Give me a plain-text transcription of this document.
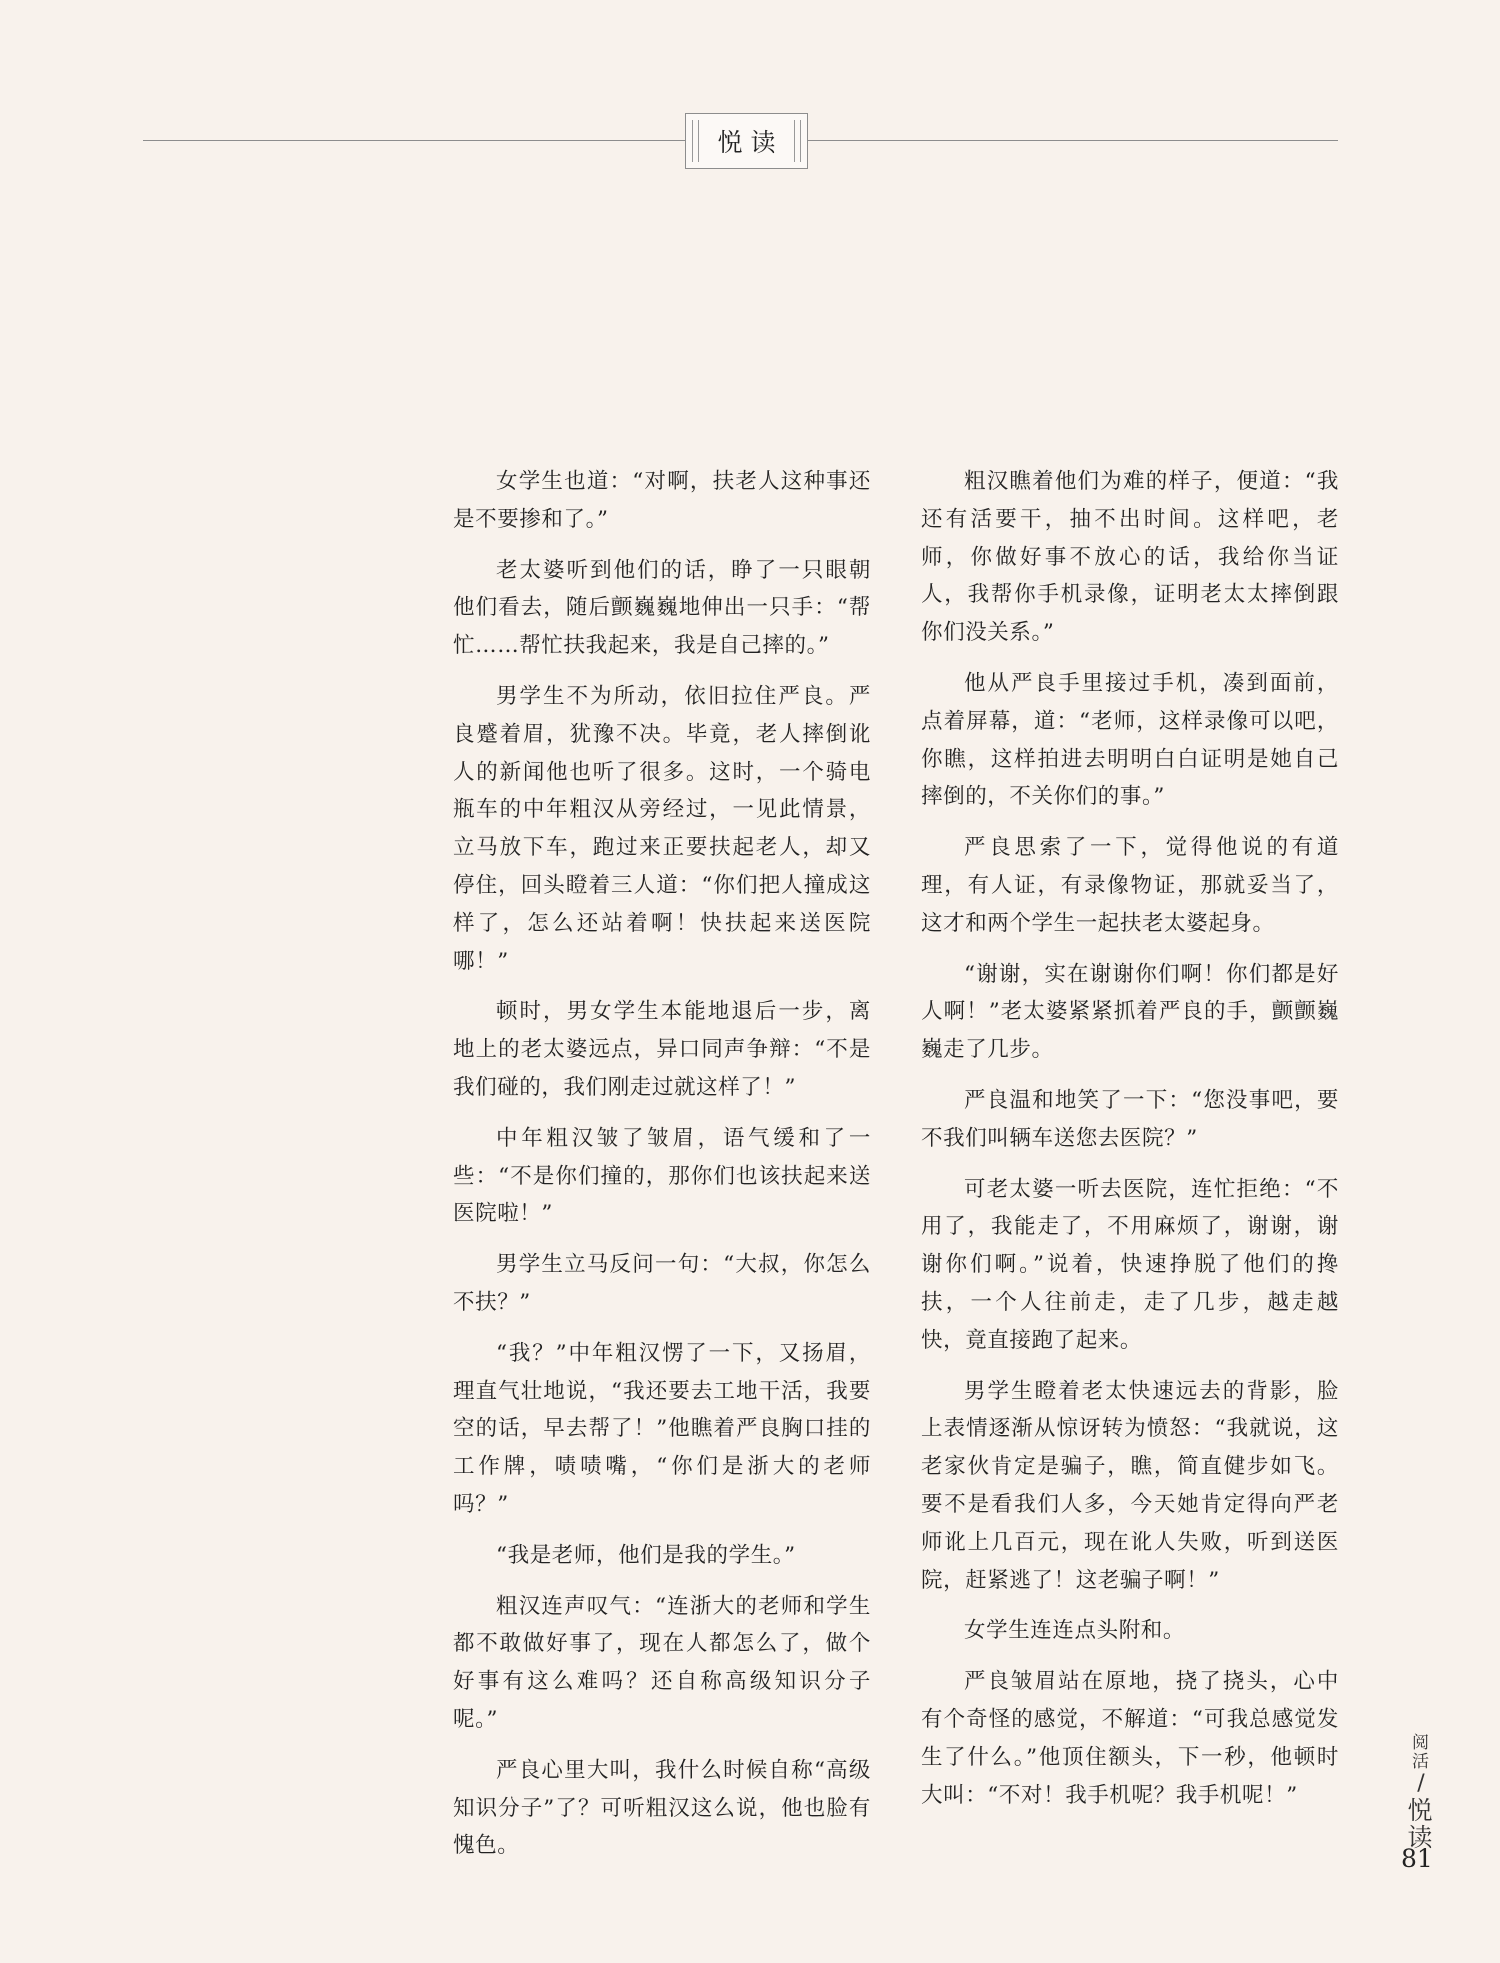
悦读

女学生也道：“对啊，扶老人这种事还是不要掺和了。”

老太婆听到他们的话，睁了一只眼朝他们看去，随后颤巍巍地伸出一只手：“帮忙……帮忙扶我起来，我是自己摔的。”

男学生不为所动，依旧拉住严良。严良蹙着眉，犹豫不决。毕竟，老人摔倒讹人的新闻他也听了很多。这时，一个骑电瓶车的中年粗汉从旁经过，一见此情景，立马放下车，跑过来正要扶起老人，却又停住，回头瞪着三人道：“你们把人撞成这样了，怎么还站着啊！快扶起来送医院哪！”

顿时，男女学生本能地退后一步，离地上的老太婆远点，异口同声争辩：“不是我们碰的，我们刚走过就这样了！”

中年粗汉皱了皱眉，语气缓和了一些：“不是你们撞的，那你们也该扶起来送医院啦！”

男学生立马反问一句：“大叔，你怎么不扶？”

“我？”中年粗汉愣了一下，又扬眉，理直气壮地说，“我还要去工地干活，我要空的话，早去帮了！”他瞧着严良胸口挂的工作牌，啧啧嘴，“你们是浙大的老师吗？”

“我是老师，他们是我的学生。”

粗汉连声叹气：“连浙大的老师和学生都不敢做好事了，现在人都怎么了，做个好事有这么难吗？还自称高级知识分子呢。”

严良心里大叫，我什么时候自称“高级知识分子”了？可听粗汉这么说，他也脸有愧色。

粗汉瞧着他们为难的样子，便道：“我还有活要干，抽不出时间。这样吧，老师，你做好事不放心的话，我给你当证人，我帮你手机录像，证明老太太摔倒跟你们没关系。”

他从严良手里接过手机，凑到面前，点着屏幕，道：“老师，这样录像可以吧，你瞧，这样拍进去明明白白证明是她自己摔倒的，不关你们的事。”

严良思索了一下，觉得他说的有道理，有人证，有录像物证，那就妥当了，这才和两个学生一起扶老太婆起身。

“谢谢，实在谢谢你们啊！你们都是好人啊！”老太婆紧紧抓着严良的手，颤颤巍巍走了几步。

严良温和地笑了一下：“您没事吧，要不我们叫辆车送您去医院？”

可老太婆一听去医院，连忙拒绝：“不用了，我能走了，不用麻烦了，谢谢，谢谢你们啊。”说着，快速挣脱了他们的搀扶，一个人往前走，走了几步，越走越快，竟直接跑了起来。

男学生瞪着老太快速远去的背影，脸上表情逐渐从惊讶转为愤怒：“我就说，这老家伙肯定是骗子，瞧，简直健步如飞。要不是看我们人多，今天她肯定得向严老师讹上几百元，现在讹人失败，听到送医院，赶紧逃了！这老骗子啊！”

女学生连连点头附和。

严良皱眉站在原地，挠了挠头，心中有个奇怪的感觉，不解道：“可我总感觉发生了什么。”他顶住额头，下一秒，他顿时大叫：“不对！我手机呢？我手机呢！”

阅活
/
悦读
81
